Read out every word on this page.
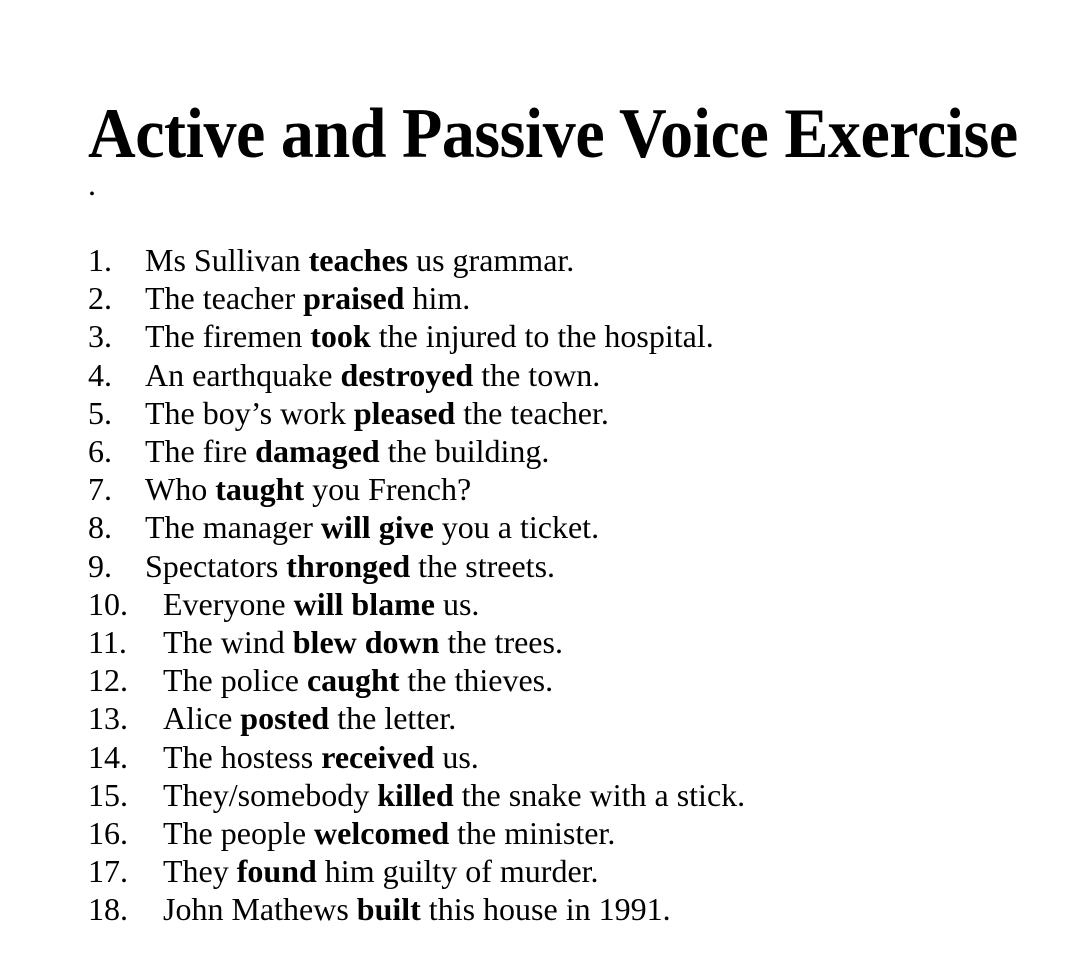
Active and Passive Voice Exercise
.
1. Ms Sullivan teaches us grammar.
2. The teacher praised him.
3. The firemen took the injured to the hospital.
4. An earthquake destroyed the town.
5. The boy’s work pleased the teacher.
6. The fire damaged the building.
7. Who taught you French?
8. The manager will give you a ticket.
9. Spectators thronged the streets.
10. Everyone will blame us.
11. The wind blew down the trees.
12. The police caught the thieves.
13. Alice posted the letter.
14. The hostess received us.
15. They/somebody killed the snake with a stick.
16. The people welcomed the minister.
17. They found him guilty of murder.
18. John Mathews built this house in 1991.
